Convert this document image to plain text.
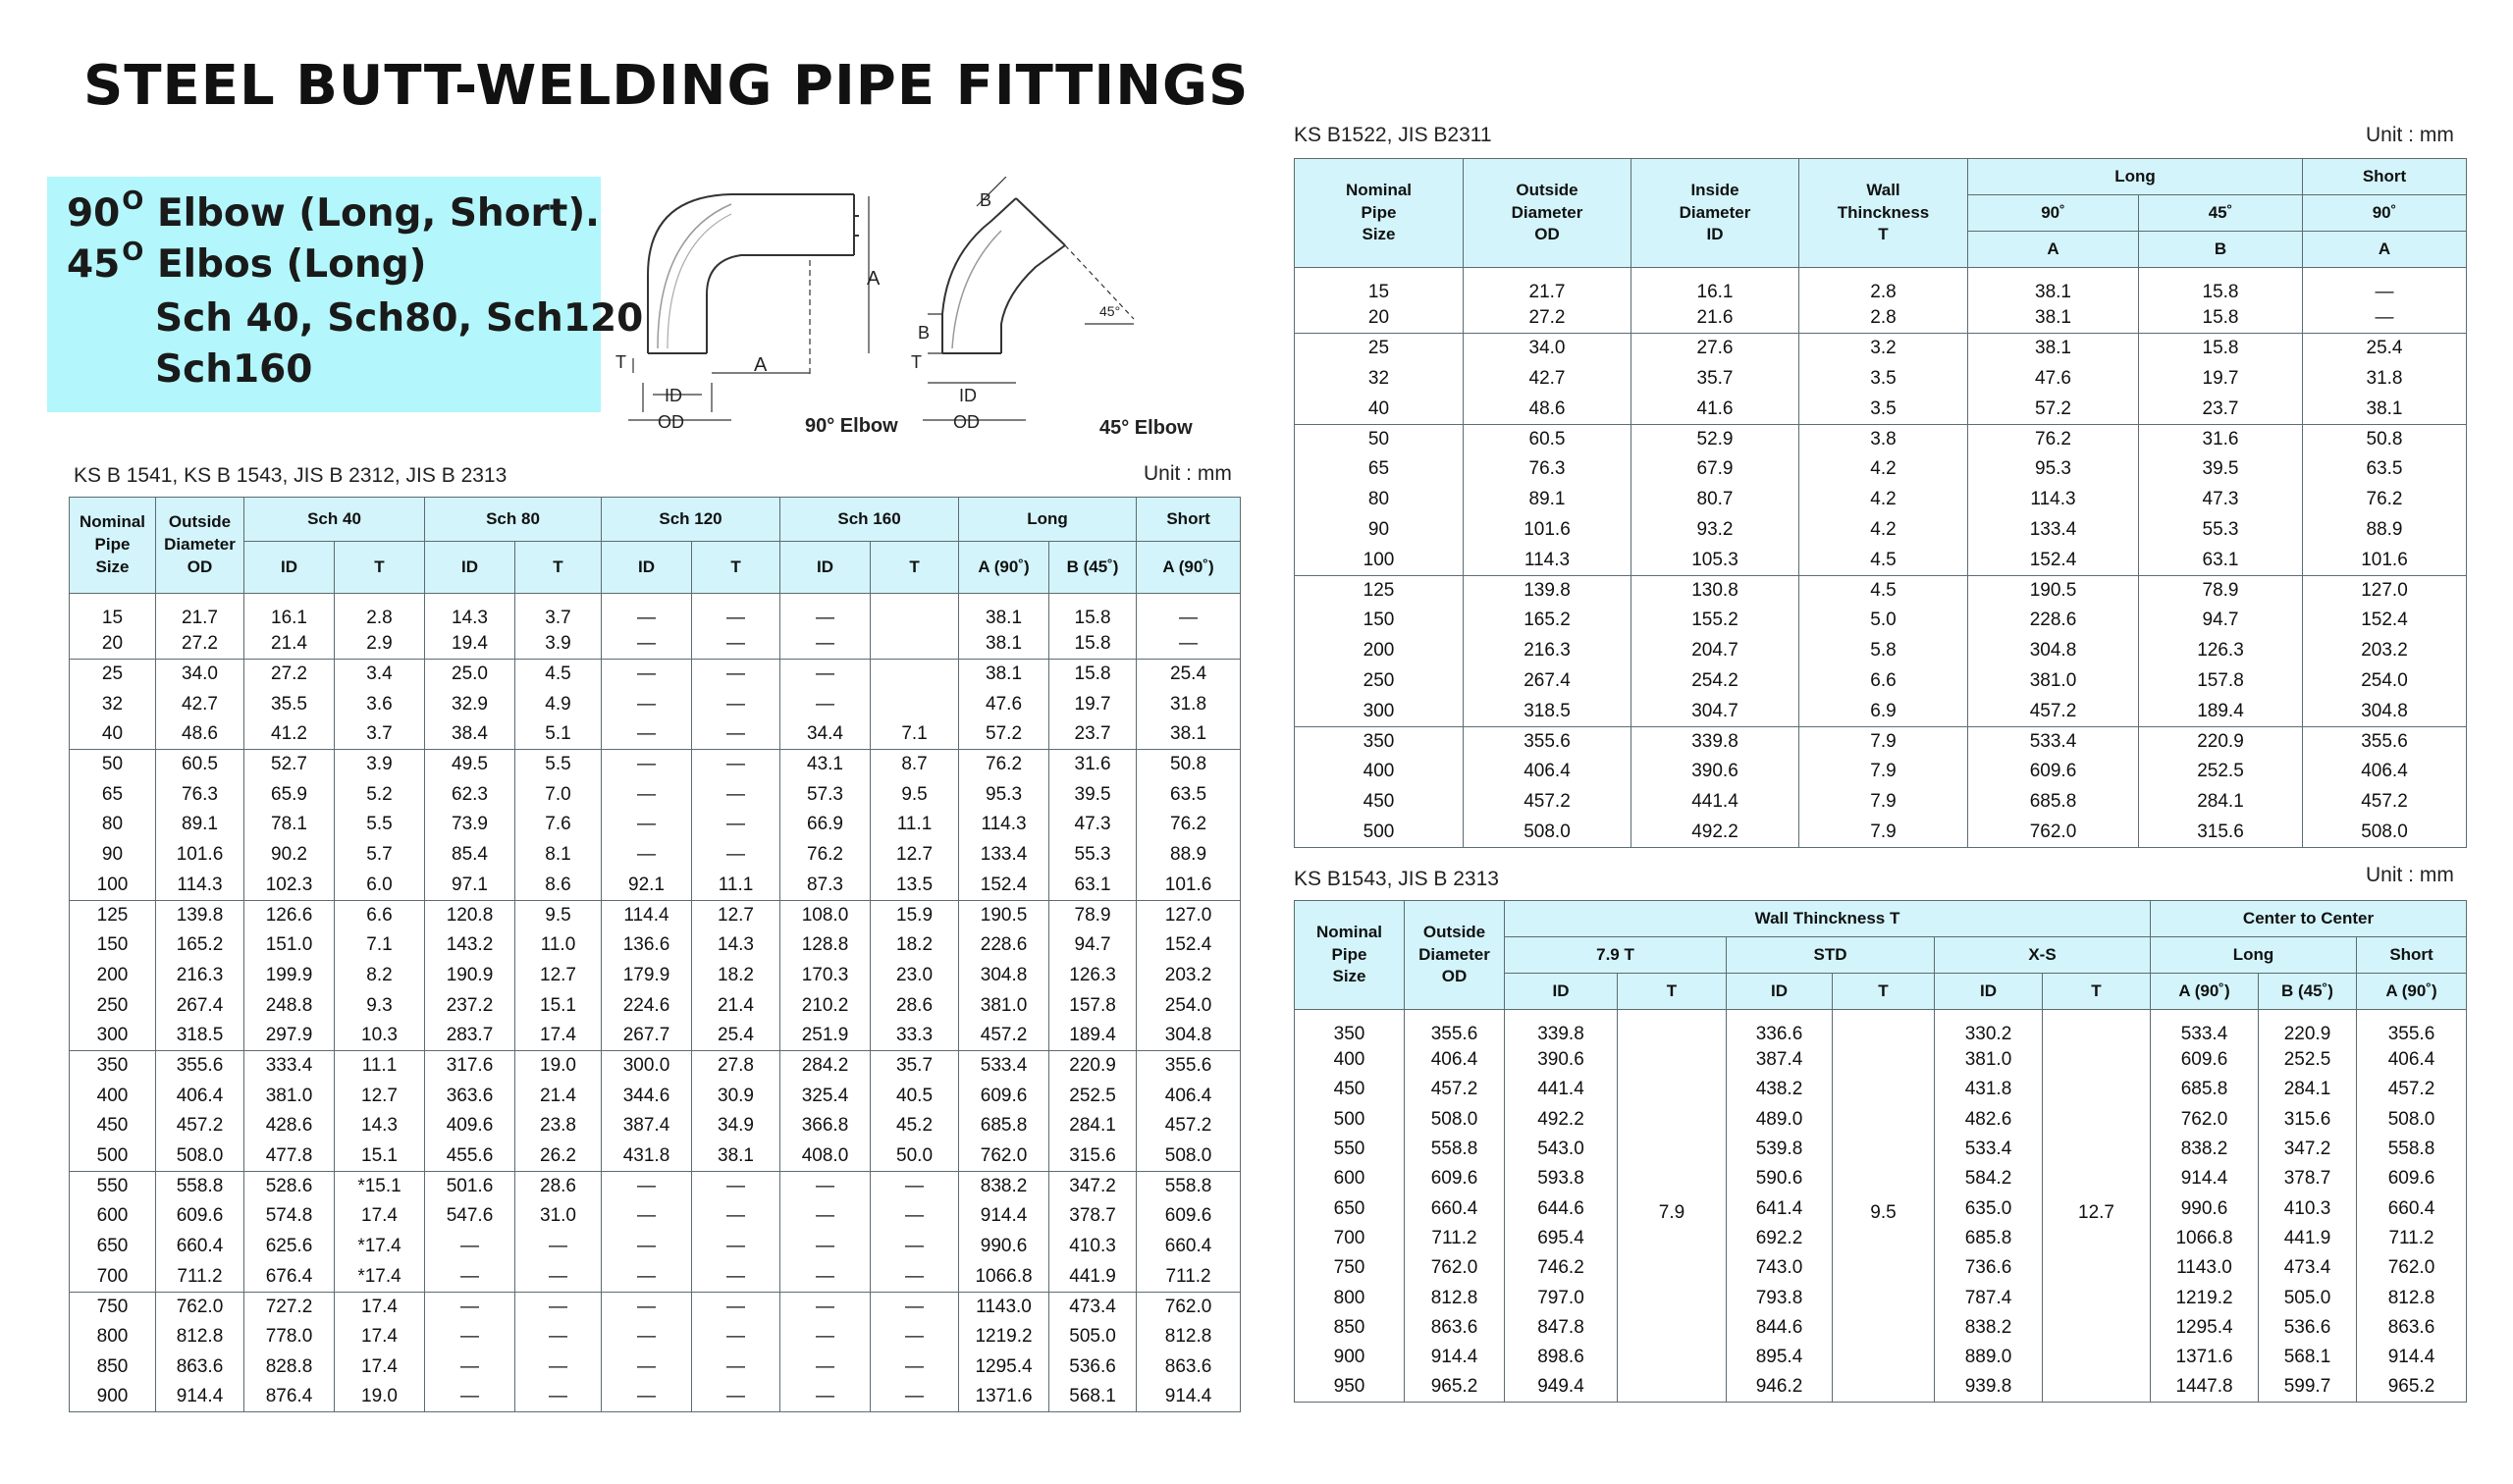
STEEL BUTT-WELDING PIPE FITTINGS
$90^O$ Elbow (Long, Short).
$45^O$ Elbos (Long)
Sch 40, Sch80, Sch120
Sch160
A
A
T
ID
OD	90° Elbow
B
B
T
ID
OD
45°
45° Elbow
KS B 1541, KS B 1543, JIS B 2312, JIS B 2313	Unit : mm
Nominal
Pipe
Size	Outside
Diameter
OD	Sch 40		Sch 80		Sch 120		Sch 160		Long		Short
		ID	T	ID	T	ID	T	ID	T	A (90˚)	B (45˚)	A (90˚)
15	21.7	16.1	2.8	14.3	3.7	—	—	—		38.1	15.8	—
20	27.2	21.4	2.9	19.4	3.9	—	—	—		38.1	15.8	—
25	34.0	27.2	3.4	25.0	4.5	—	—	—		38.1	15.8	25.4
32	42.7	35.5	3.6	32.9	4.9	—	—	—		47.6	19.7	31.8
40	48.6	41.2	3.7	38.4	5.1	—	—	34.4	7.1	57.2	23.7	38.1
50	60.5	52.7	3.9	49.5	5.5	—	—	43.1	8.7	76.2	31.6	50.8
65	76.3	65.9	5.2	62.3	7.0	—	—	57.3	9.5	95.3	39.5	63.5
80	89.1	78.1	5.5	73.9	7.6	—	—	66.9	11.1	114.3	47.3	76.2
90	101.6	90.2	5.7	85.4	8.1	—	—	76.2	12.7	133.4	55.3	88.9
100	114.3	102.3	6.0	97.1	8.6	92.1	11.1	87.3	13.5	152.4	63.1	101.6
125	139.8	126.6	6.6	120.8	9.5	114.4	12.7	108.0	15.9	190.5	78.9	127.0
150	165.2	151.0	7.1	143.2	11.0	136.6	14.3	128.8	18.2	228.6	94.7	152.4
200	216.3	199.9	8.2	190.9	12.7	179.9	18.2	170.3	23.0	304.8	126.3	203.2
250	267.4	248.8	9.3	237.2	15.1	224.6	21.4	210.2	28.6	381.0	157.8	254.0
300	318.5	297.9	10.3	283.7	17.4	267.7	25.4	251.9	33.3	457.2	189.4	304.8
350	355.6	333.4	11.1	317.6	19.0	300.0	27.8	284.2	35.7	533.4	220.9	355.6
400	406.4	381.0	12.7	363.6	21.4	344.6	30.9	325.4	40.5	609.6	252.5	406.4
450	457.2	428.6	14.3	409.6	23.8	387.4	34.9	366.8	45.2	685.8	284.1	457.2
500	508.0	477.8	15.1	455.6	26.2	431.8	38.1	408.0	50.0	762.0	315.6	508.0
550	558.8	528.6	*15.1	501.6	28.6	—	—	—	—	838.2	347.2	558.8
600	609.6	574.8	17.4	547.6	31.0	—	—	—	—	914.4	378.7	609.6
650	660.4	625.6	*17.4	—	—	—	—	—	—	990.6	410.3	660.4
700	711.2	676.4	*17.4	—	—	—	—	—	—	1066.8	441.9	711.2
750	762.0	727.2	17.4	—	—	—	—	—	—	1143.0	473.4	762.0
800	812.8	778.0	17.4	—	—	—	—	—	—	1219.2	505.0	812.8
850	863.6	828.8	17.4	—	—	—	—	—	—	1295.4	536.6	863.6
900	914.4	876.4	19.0	—	—	—	—	—	—	1371.6	568.1	914.4
KS B1522, JIS B2311	Unit : mm
Nominal
Pipe
Size	Outside
Diameter
OD	Inside
Diameter
ID	Wall
Thinckness
T	Long		Short
				90˚	45˚	90˚
				A	B	A
15	21.7	16.1	2.8	38.1	15.8	—
20	27.2	21.6	2.8	38.1	15.8	—
25	34.0	27.6	3.2	38.1	15.8	25.4
32	42.7	35.7	3.5	47.6	19.7	31.8
40	48.6	41.6	3.5	57.2	23.7	38.1
50	60.5	52.9	3.8	76.2	31.6	50.8
65	76.3	67.9	4.2	95.3	39.5	63.5
80	89.1	80.7	4.2	114.3	47.3	76.2
90	101.6	93.2	4.2	133.4	55.3	88.9
100	114.3	105.3	4.5	152.4	63.1	101.6
125	139.8	130.8	4.5	190.5	78.9	127.0
150	165.2	155.2	5.0	228.6	94.7	152.4
200	216.3	204.7	5.8	304.8	126.3	203.2
250	267.4	254.2	6.6	381.0	157.8	254.0
300	318.5	304.7	6.9	457.2	189.4	304.8
350	355.6	339.8	7.9	533.4	220.9	355.6
400	406.4	390.6	7.9	609.6	252.5	406.4
450	457.2	441.4	7.9	685.8	284.1	457.2
500	508.0	492.2	7.9	762.0	315.6	508.0
KS B1543, JIS B 2313	Unit : mm
Nominal
Pipe
Size	Outside
Diameter
OD	Wall Thinckness T						Center to Center		
		7.9 T		STD		X-S		Long		Short
		ID	T	ID	T	ID	T	A (90˚)	B (45˚)	A (90˚)
350	355.6	339.8	7.9	336.6	9.5	330.2	12.7	533.4	220.9	355.6
400	406.4	390.6		387.4		381.0		609.6	252.5	406.4
450	457.2	441.4		438.2		431.8		685.8	284.1	457.2
500	508.0	492.2		489.0		482.6		762.0	315.6	508.0
550	558.8	543.0		539.8		533.4		838.2	347.2	558.8
600	609.6	593.8		590.6		584.2		914.4	378.7	609.6
650	660.4	644.6		641.4		635.0		990.6	410.3	660.4
700	711.2	695.4		692.2		685.8		1066.8	441.9	711.2
750	762.0	746.2		743.0		736.6		1143.0	473.4	762.0
800	812.8	797.0		793.8		787.4		1219.2	505.0	812.8
850	863.6	847.8		844.6		838.2		1295.4	536.6	863.6
900	914.4	898.6		895.4		889.0		1371.6	568.1	914.4
950	965.2	949.4		946.2		939.8		1447.8	599.7	965.2
